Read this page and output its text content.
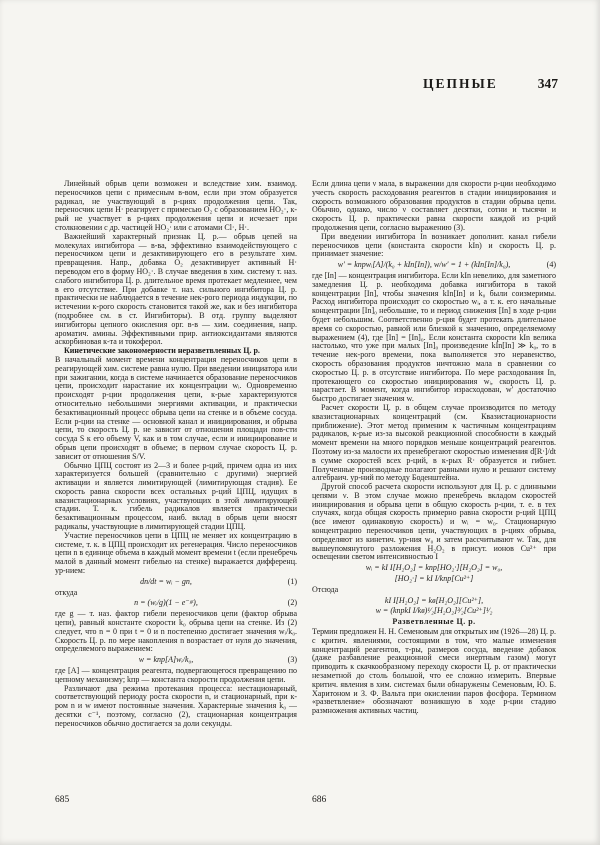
ЦЕПНЫЕ	347

Линейный обрыв цепи возможен и вследствие хим. взаимод. переносчиков цепи с примесным в-вом, если при этом образуется радикал, не участвующий в р-циях продолжения цепи. Так, переносчик цепи Н· реагирует с примесью О₂ с образованием НО₂·, к-рый не участвует в р-циях продолжения цепи и исчезает при столкновении с др. частицей НО₂· или с атомами Cl·, Н·.

Важнейший характерный признак Ц. р.— обрыв цепей на молекулах ингибитора — в-ва, эффективно взаимодействующего с переносчиком цепи и дезактивирующего его в результате хим. превращения. Напр., добавка О₂ дезактивирует активный Н· переводом его в форму НО₂·. В случае введения в хим. систему т. наз. слабого ингибитора Ц. р. длительное время протекает медленнее, чем в его отсутствие. При добавке т. наз. сильного ингибитора Ц. р. практически не наблюдается в течение нек-рого периода индукции, по истечении к-рого скорость становится такой же, как и без ингибитора (подробнее см. в ст. Ингибиторы). В отд. группу выделяют ингибиторы цепного окисления орг. в-в — хим. соединения, напр. ароматич. амины. Эффективными прир. антиоксидантами являются аскорбиновая к-та и токоферол.

Кинетические закономерности неразветвленных Ц. р.

В начальный момент времени концентрация переносчиков цепи в реагирующей хим. системе равна нулю. При введении инициатора или при зажигании, когда в системе начинается образование переносчиков цепи, происходит нарастание их концентрации wᵢ. Одновременно происходят р-ции продолжения цепи, к-рые характеризуются относительно небольшими энергиями активации, и практически безактивационный процесс обрыва цепи на стенке и в объеме сосуда. Если р-ции на стенке — основной канал и инициирования, и обрыва цепи, то скорость Ц. р. не зависит от отношения площади пов-сти сосуда S к его объему V, как и в том случае, если и инициирование и обрыв цепи происходят в объеме; в первом случае скорость Ц. р. зависит от отношения S/V.

Обычно ЦПЦ состоят из 2—3 и более р-ций, причем одна из них характеризуется большей (сравнительно с другими) энергией активации и является лимитирующей (лимитирующая стадия). Ее скорость равна скорости всех остальных р-ций ЦПЦ, идущих в квазистационарных условиях, участвующих в этой лимитирующей стадии. Т. к. гибель радикалов является практически безактивационным процессом, наиб. вклад в обрыв цепи вносят радикалы, участвующие в лимитирующей стадии ЦПЦ.

Участие переносчиков цепи в ЦПЦ не меняет их концентрацию в системе, т. к. в ЦПЦ происходит их регенерация. Число переносчиков цепи n в единице объема в каждый момент времени t (если пренебречь малой в данный момент гибелью на стенке) выражается дифференц. ур-нием:

dn/dt = wᵢ − gn,	(1)

откуда

n = (wᵢ/g)(1 − e⁻ᵍᵗ),	(2)

где g — т. наз. фактор гибели переносчиков цепи (фактор обрыва цепи), равный константе скорости k₀ обрыва цепи на стенке. Из (2) следует, что n = 0 при t = 0 и n постепенно достигает значения wᵢ/k₀. Скорость Ц. р. по мере накопления n возрастает от нуля до значения, определяемого выражением:

w = kпр[A]wᵢ/k₀,	(3)

где [A] — концентрация реагента, подвергающегося превращению по цепному механизму; kпр — константа скорости продолжения цепи.

Различают два режима протекания процесса: нестационарный, соответствующий периоду роста скорости n, и стационарный, при к-ром n и w имеют постоянные значения. Характерные значения k₀ — десятки с⁻¹, поэтому, согласно (2), стационарная концентрация переносчиков обычно достигается за доли секунды.

Если длина цепи ν мала, в выражении для скорости р-ции необходимо учесть скорость расходования реагентов в стадии инициирования и скорость возможного образования продуктов в стадии обрыва цепи. Обычно, однако, число ν составляет десятки, сотни и тысячи и скорость Ц. р. практически равна скорости каждой из р-ций продолжения цепи, согласно выражению (3).

При введении ингибитора In возникает дополнит. канал гибели переносчиков цепи (константа скорости kIn) и скорость Ц. р. принимает значение:

w′ = kпрwᵢ[A]/(k₀ + kIn[In]), w/w′ = 1 + (kIn[In]/k₀),	(4)

где [In] — концентрация ингибитора. Если kIn невелико, для заметного замедления Ц. р. необходима добавка ингибитора в такой концентрации [In], чтобы значения kIn[In] и k₀ были соизмеримы. Расход ингибитора происходит со скоростью wᵢ, а т. к. его начальные концентрации [In]₀ небольшие, то и период снижения [In] в ходе р-ции будет небольшим. Соответственно р-ция будет протекать длительное время со скоростью, равной или близкой к значению, определяемому выражением (4), где [In] = [In]₀. Если константа скорости kIn велика настолько, что уже при малых [In]₀ произведение kIn[In] ≫ k₀, то в течение нек-рого времени, пока выполняется это неравенство, скорость образования продуктов ничтожно мала в сравнении со скоростью Ц. р. в отсутствие ингибитора. По мере расходования In, протекающего со скоростью инициирования wᵢ, скорость Ц. р. нарастает. В момент, когда ингибитор израсходован, w′ достаточно быстро достигает значения w.

Расчет скорости Ц. р. в общем случае производится по методу квазистационарных концентраций (см. Квазистационарности приближение). Этот метод применим к частичным концентрациям радикалов, к-рые из-за высокой реакционной способности в каждый момент времени на много порядков меньше концентраций реагентов. Поэтому из-за малости их пренебрегают скоростью изменения d[R·]/dt в сумме скоростей всех р-ций, в к-рых R· образуется и гибнет. Полученные производные полагают равными нулю и решают систему алгебраич. ур-ний по методу Боденштейна.

Другой способ расчета скорости используют для Ц. р. с длинными цепями ν. В этом случае можно пренебречь вкладом скоростей инициирования и обрыва цепи в общую скорость р-ции, т. е. в тех случаях, когда общая скорость примерно равна скорости р-ций ЦПЦ (все имеют одинаковую скорость) и wᵢ = w₀. Стационарную концентрацию переносчиков цепи, участвующих в р-циях обрыва, определяют из кинетич. ур-ния w₀ и затем рассчитывают w. Так, для вышеупомянутого разложения Н₂О₂ в присут. ионов Cu²⁺ при освещении светом интенсивностью I

wᵢ = kI I[Н₂О₂] = kпр[НО₂·][Н₂О₂] = w₀,
[НО₂·] = kI I/kпр[Cu²⁺]

Отсюда

kI I[Н₂О₂] = kв[Н₂О₂][Cu²⁺],
w = (kпрkI I/kв)¹⁄₂[Н₂О₂]³⁄₂[Cu²⁺]¹⁄₂

Разветвленные Ц. р.

Термин предложен Н. Н. Семеновым для открытых им (1926—28) Ц. р. с критич. явлениями, состоящими в том, что малые изменения концентраций реагентов, т-ры, размеров сосуда, введение добавок (даже разбавление реакционной смеси инертным газом) могут приводить к скачкообразному переходу скорости Ц. р. от практически незаметной до столь большой, что ее сложно измерить. Впервые критич. явления в хим. системах были обнаружены Семеновым, Ю. Б. Харитоном и З. Ф. Вальта при окислении паров фосфора. Термином «разветвление» обозначают возникшую в ходе р-ции стадию размножения активных частиц.

685	686
